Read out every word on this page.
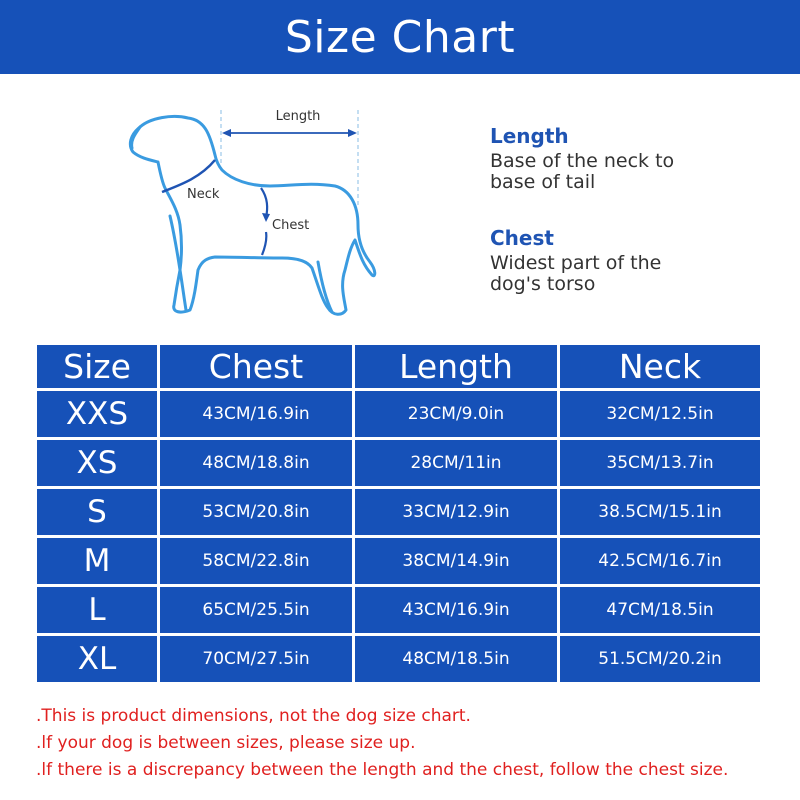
Size Chart
Length
Neck
Chest
Length
Base of the neck to base of tail
Chest
Widest part of the dog's torso
Size	Chest	Length	Neck
XXS	43CM/16.9in	23CM/9.0in	32CM/12.5in
XS	48CM/18.8in	28CM/11in	35CM/13.7in
S	53CM/20.8in	33CM/12.9in	38.5CM/15.1in
M	58CM/22.8in	38CM/14.9in	42.5CM/16.7in
L	65CM/25.5in	43CM/16.9in	47CM/18.5in
XL	70CM/27.5in	48CM/18.5in	51.5CM/20.2in
.This is product dimensions, not the dog size chart.
.lf your dog is between sizes, please size up.
.lf there is a discrepancy between the length and the chest, follow the chest size.
